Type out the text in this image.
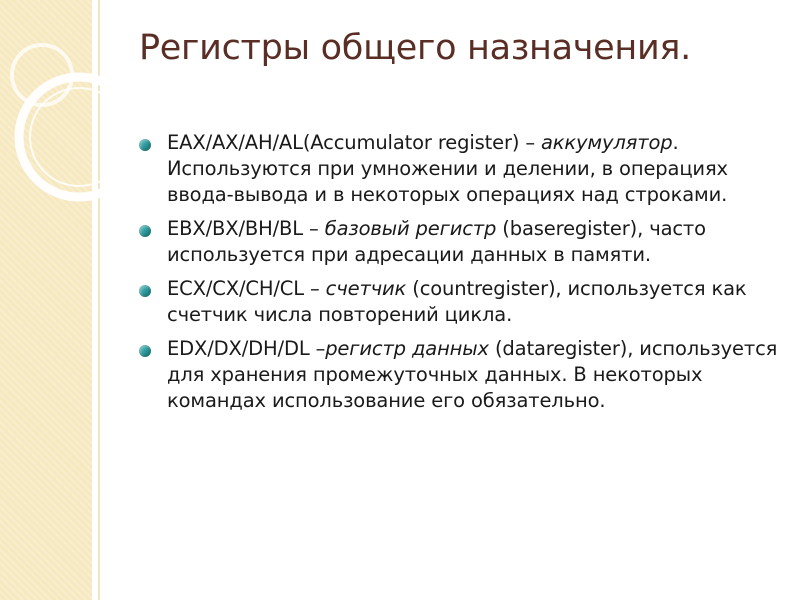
Регистры общего назначения.
EAX/AX/AH/AL(Accumulator register) – аккумулятор. Используются при умножении и делении, в операциях ввода-вывода и в некоторых операциях над строками.
EBX/BX/BH/BL – базовый регистр (baseregister), часто используется при адресации данных в памяти.
ECX/CX/CH/CL – счетчик (countregister), используется как счетчик числа повторений цикла.
EDX/DX/DH/DL –регистр данных (dataregister), используется для хранения промежуточных данных. В некоторых командах использование его обязательно.
